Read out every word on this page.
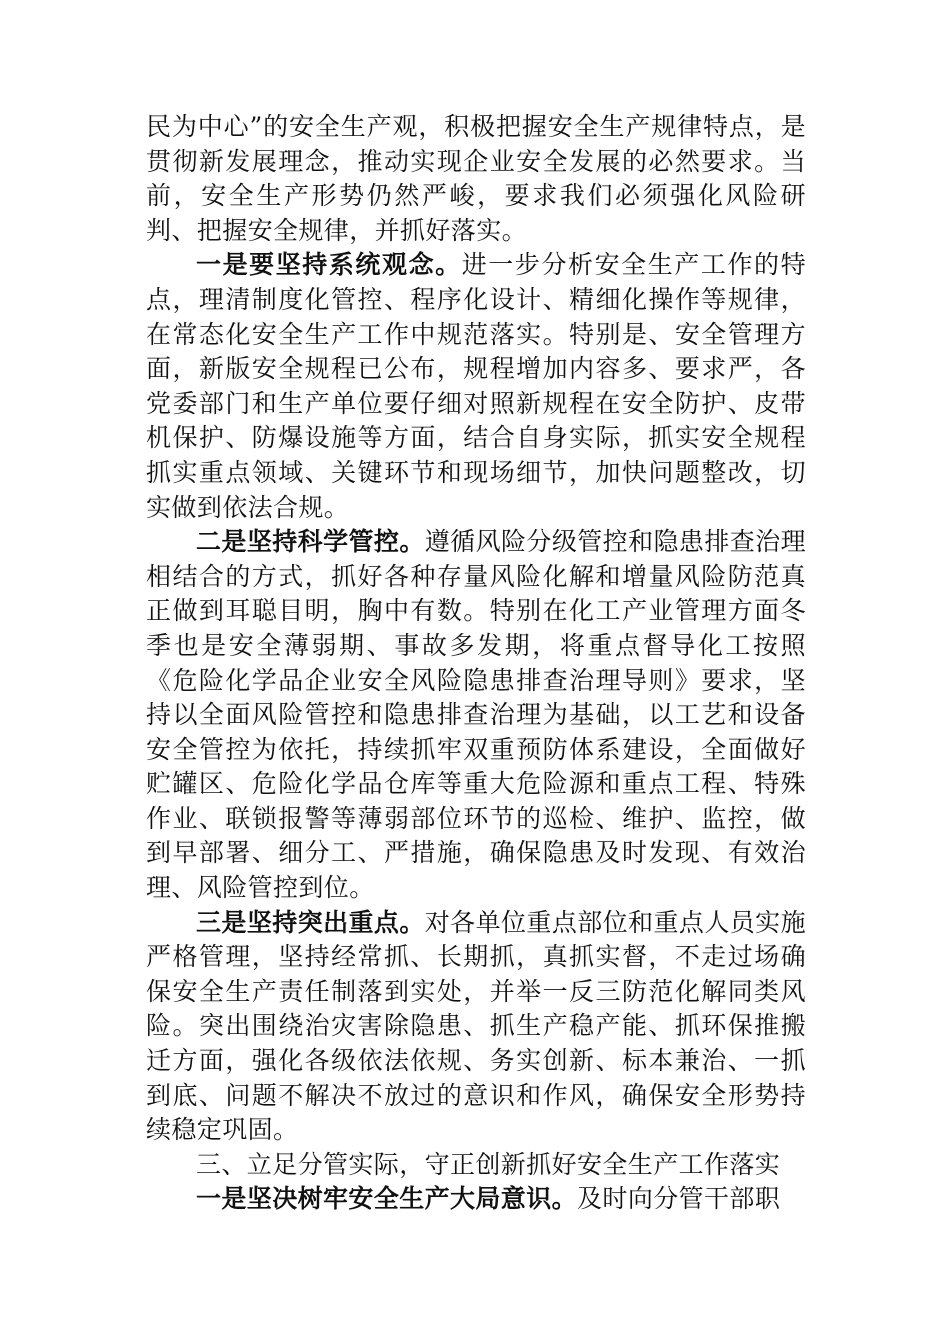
民为中心”的安全生产观，积极把握安全生产规律特点，是贯彻新发展理念，推动实现企业安全发展的必然要求。当前，安全生产形势仍然严峻，要求我们必须强化风险研判、把握安全规律，并抓好落实。

一是要坚持系统观念。进一步分析安全生产工作的特点，理清制度化管控、程序化设计、精细化操作等规律，在常态化安全生产工作中规范落实。特别是、安全管理方面，新版安全规程已公布，规程增加内容多、要求严，各党委部门和生产单位要仔细对照新规程在安全防护、皮带机保护、防爆设施等方面，结合自身实际，抓实安全规程抓实重点领域、关键环节和现场细节，加快问题整改，切实做到依法合规。

二是坚持科学管控。遵循风险分级管控和隐患排查治理相结合的方式，抓好各种存量风险化解和增量风险防范真正做到耳聪目明，胸中有数。特别在化工产业管理方面冬季也是安全薄弱期、事故多发期，将重点督导化工按照《危险化学品企业安全风险隐患排查治理导则》要求，坚持以全面风险管控和隐患排查治理为基础，以工艺和设备安全管控为依托，持续抓牢双重预防体系建设，全面做好贮罐区、危险化学品仓库等重大危险源和重点工程、特殊作业、联锁报警等薄弱部位环节的巡检、维护、监控，做到早部署、细分工、严措施，确保隐患及时发现、有效治理、风险管控到位。

三是坚持突出重点。对各单位重点部位和重点人员实施严格管理，坚持经常抓、长期抓，真抓实督，不走过场确保安全生产责任制落到实处，并举一反三防范化解同类风险。突出围绕治灾害除隐患、抓生产稳产能、抓环保推搬迁方面，强化各级依法依规、务实创新、标本兼治、一抓到底、问题不解决不放过的意识和作风，确保安全形势持续稳定巩固。

三、立足分管实际，守正创新抓好安全生产工作落实

一是坚决树牢安全生产大局意识。及时向分管干部职
